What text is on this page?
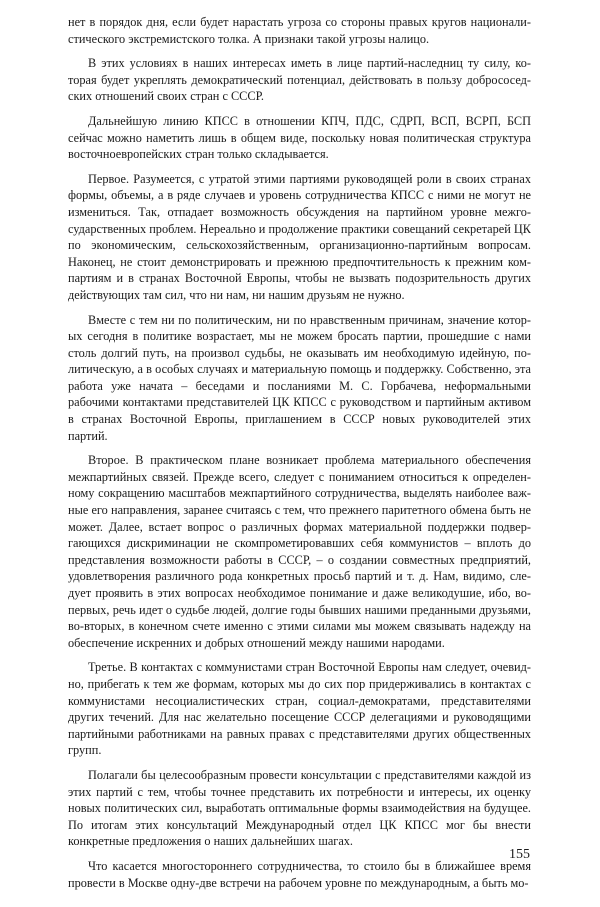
нет в порядок дня, если будет нарастать угроза со стороны правых кругов националистического экстремистского толка. А признаки такой угрозы налицо.

В этих условиях в наших интересах иметь в лице партий-наследниц ту силу, которая будет укреплять демократический потенциал, действовать в пользу добрососедских отношений своих стран с СССР.

Дальнейшую линию КПСС в отношении КПЧ, ПДС, СДРП, ВСП, ВСРП, БСП сейчас можно наметить лишь в общем виде, поскольку новая политическая структура восточноевропейских стран только складывается.

Первое. Разумеется, с утратой этими партиями руководящей роли в своих странах формы, объемы, а в ряде случаев и уровень сотрудничества КПСС с ними не могут не измениться. Так, отпадает возможность обсуждения на партийном уровне межгосударственных проблем. Нереально и продолжение практики совещаний секретарей ЦК по экономическим, сельскохозяйственным, организационно-партийным вопросам. Наконец, не стоит демонстрировать и прежнюю предпочтительность к прежним компартиям и в странах Восточной Европы, чтобы не вызвать подозрительность других действующих там сил, что ни нам, ни нашим друзьям не нужно.

Вместе с тем ни по политическим, ни по нравственным причинам, значение которых сегодня в политике возрастает, мы не можем бросать партии, прошедшие с нами столь долгий путь, на произвол судьбы, не оказывать им необходимую идейную, политическую, а в особых случаях и материальную помощь и поддержку. Собственно, эта работа уже начата – беседами и посланиями М. С. Горбачева, неформальными рабочими контактами представителей ЦК КПСС с руководством и партийным активом в странах Восточной Европы, приглашением в СССР новых руководителей этих партий.

Второе. В практическом плане возникает проблема материального обеспечения межпартийных связей. Прежде всего, следует с пониманием относиться к определенному сокращению масштабов межпартийного сотрудничества, выделять наиболее важные его направления, заранее считаясь с тем, что прежнего паритетного обмена быть не может. Далее, встает вопрос о различных формах материальной поддержки подвергающихся дискриминации не скомпрометировавших себя коммунистов – вплоть до представления возможности работы в СССР, – о создании совместных предприятий, удовлетворения различного рода конкретных просьб партий и т. д. Нам, видимо, следует проявить в этих вопросах необходимое понимание и даже великодушие, ибо, во-первых, речь идет о судьбе людей, долгие годы бывших нашими преданными друзьями, во-вторых, в конечном счете именно с этими силами мы можем связывать надежду на обеспечение искренних и добрых отношений между нашими народами.

Третье. В контактах с коммунистами стран Восточной Европы нам следует, очевидно, прибегать к тем же формам, которых мы до сих пор придерживались в контактах с коммунистами несоциалистических стран, социал-демократами, представителями других течений. Для нас желательно посещение СССР делегациями и руководящими партийными работниками на равных правах с представителями других общественных групп.

Полагали бы целесообразным провести консультации с представителями каждой из этих партий с тем, чтобы точнее представить их потребности и интересы, их оценку новых политических сил, выработать оптимальные формы взаимодействия на будущее. По итогам этих консультаций Международный отдел ЦК КПСС мог бы внести конкретные предложения о наших дальнейших шагах.

Что касается многостороннего сотрудничества, то стоило бы в ближайшее время провести в Москве одну-две встречи на рабочем уровне по международным, а быть мо-

155
